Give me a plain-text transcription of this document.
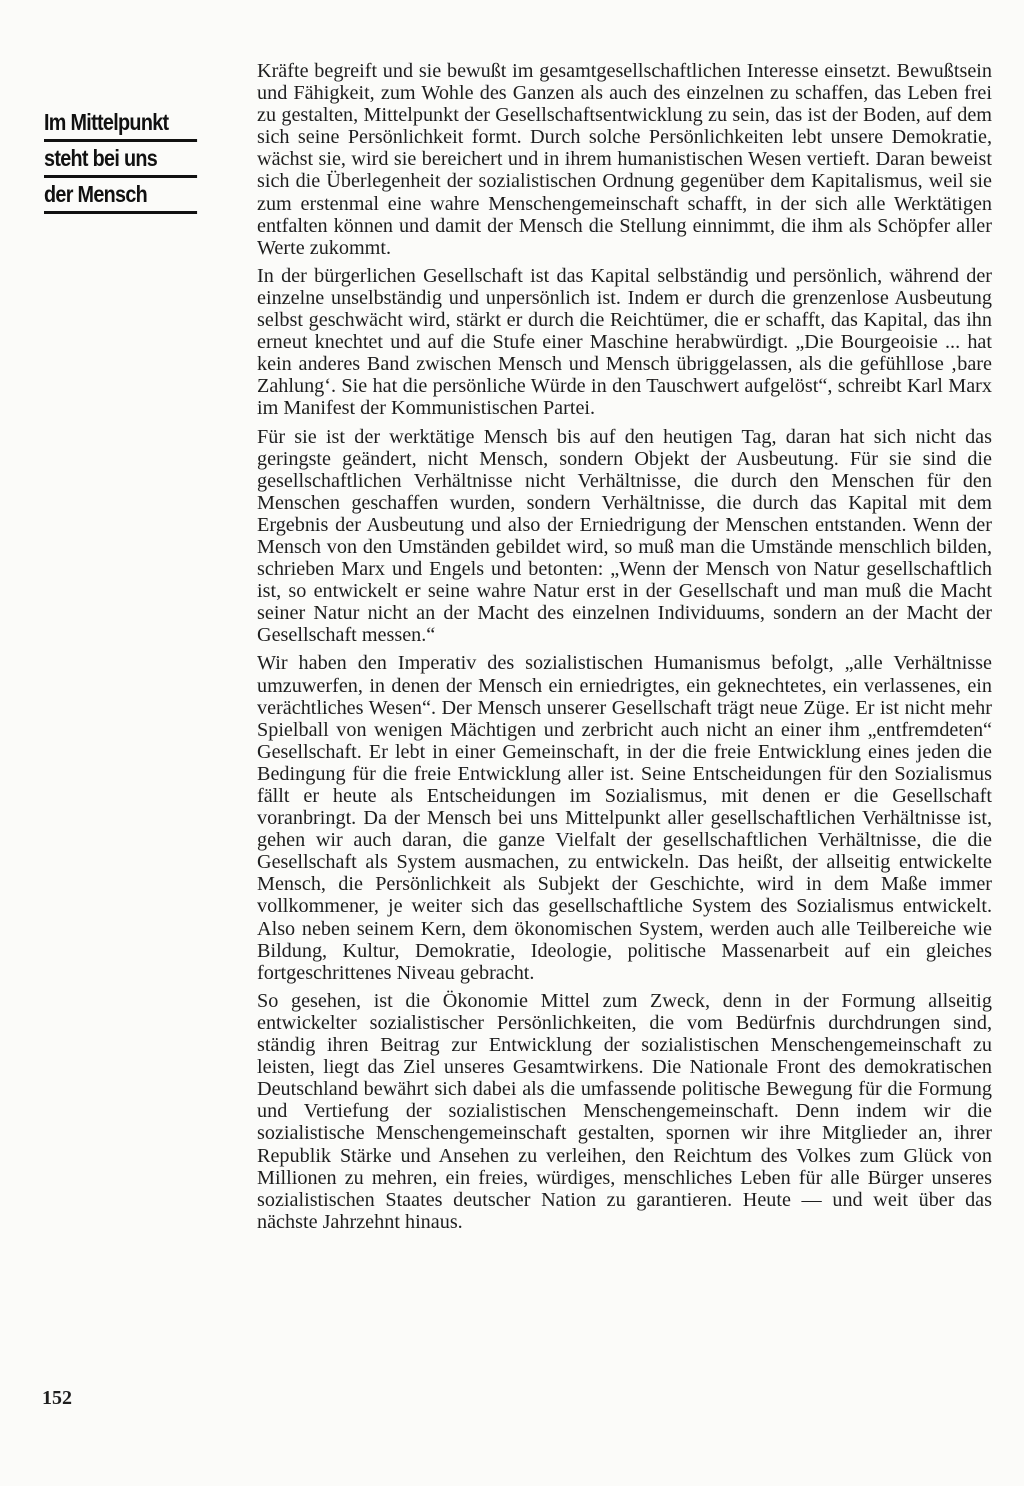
Im Mittelpunkt
steht bei uns
der Mensch

Kräfte begreift und sie bewußt im gesamtgesellschaftlichen Interesse einsetzt. Bewußtsein und Fähigkeit, zum Wohle des Ganzen als auch des einzelnen zu schaffen, das Leben frei zu gestalten, Mittelpunkt der Gesellschaftsentwicklung zu sein, das ist der Boden, auf dem sich seine Persönlichkeit formt. Durch solche Persönlichkeiten lebt unsere Demokratie, wächst sie, wird sie bereichert und in ihrem humanistischen Wesen vertieft. Daran beweist sich die Überlegenheit der sozialistischen Ordnung gegenüber dem Kapitalismus, weil sie zum erstenmal eine wahre Menschengemeinschaft schafft, in der sich alle Werktätigen entfalten können und damit der Mensch die Stellung einnimmt, die ihm als Schöpfer aller Werte zukommt.

In der bürgerlichen Gesellschaft ist das Kapital selbständig und persönlich, während der einzelne unselbständig und unpersönlich ist. Indem er durch die grenzenlose Ausbeutung selbst geschwächt wird, stärkt er durch die Reichtümer, die er schafft, das Kapital, das ihn erneut knechtet und auf die Stufe einer Maschine herabwürdigt. „Die Bourgeoisie ... hat kein anderes Band zwischen Mensch und Mensch übriggelassen, als die gefühllose ‚bare Zahlung‘. Sie hat die persönliche Würde in den Tauschwert aufgelöst“, schreibt Karl Marx im Manifest der Kommunistischen Partei.

Für sie ist der werktätige Mensch bis auf den heutigen Tag, daran hat sich nicht das geringste geändert, nicht Mensch, sondern Objekt der Ausbeutung. Für sie sind die gesellschaftlichen Verhältnisse nicht Verhältnisse, die durch den Menschen für den Menschen geschaffen wurden, sondern Verhältnisse, die durch das Kapital mit dem Ergebnis der Ausbeutung und also der Erniedrigung der Menschen entstanden. Wenn der Mensch von den Umständen gebildet wird, so muß man die Umstände menschlich bilden, schrieben Marx und Engels und betonten: „Wenn der Mensch von Natur gesellschaftlich ist, so entwickelt er seine wahre Natur erst in der Gesellschaft und man muß die Macht seiner Natur nicht an der Macht des einzelnen Individuums, sondern an der Macht der Gesellschaft messen.“

Wir haben den Imperativ des sozialistischen Humanismus befolgt, „alle Verhältnisse umzuwerfen, in denen der Mensch ein erniedrigtes, ein geknechtetes, ein verlassenes, ein verächtliches Wesen“. Der Mensch unserer Gesellschaft trägt neue Züge. Er ist nicht mehr Spielball von wenigen Mächtigen und zerbricht auch nicht an einer ihm „entfremdeten“ Gesellschaft. Er lebt in einer Gemeinschaft, in der die freie Entwicklung eines jeden die Bedingung für die freie Entwicklung aller ist. Seine Entscheidungen für den Sozialismus fällt er heute als Entscheidungen im Sozialismus, mit denen er die Gesellschaft voranbringt. Da der Mensch bei uns Mittelpunkt aller gesellschaftlichen Verhältnisse ist, gehen wir auch daran, die ganze Vielfalt der gesellschaftlichen Verhältnisse, die die Gesellschaft als System ausmachen, zu entwickeln. Das heißt, der allseitig entwickelte Mensch, die Persönlichkeit als Subjekt der Geschichte, wird in dem Maße immer vollkommener, je weiter sich das gesellschaftliche System des Sozialismus entwickelt. Also neben seinem Kern, dem ökonomischen System, werden auch alle Teilbereiche wie Bildung, Kultur, Demokratie, Ideologie, politische Massenarbeit auf ein gleiches fortgeschrittenes Niveau gebracht.

So gesehen, ist die Ökonomie Mittel zum Zweck, denn in der Formung allseitig entwickelter sozialistischer Persönlichkeiten, die vom Bedürfnis durchdrungen sind, ständig ihren Beitrag zur Entwicklung der sozialistischen Menschengemeinschaft zu leisten, liegt das Ziel unseres Gesamtwirkens. Die Nationale Front des demokratischen Deutschland bewährt sich dabei als die umfassende politische Bewegung für die Formung und Vertiefung der sozialistischen Menschengemeinschaft. Denn indem wir die sozialistische Menschengemeinschaft gestalten, spornen wir ihre Mitglieder an, ihrer Republik Stärke und Ansehen zu verleihen, den Reichtum des Volkes zum Glück von Millionen zu mehren, ein freies, würdiges, menschliches Leben für alle Bürger unseres sozialistischen Staates deutscher Nation zu garantieren. Heute — und weit über das nächste Jahrzehnt hinaus.

152
